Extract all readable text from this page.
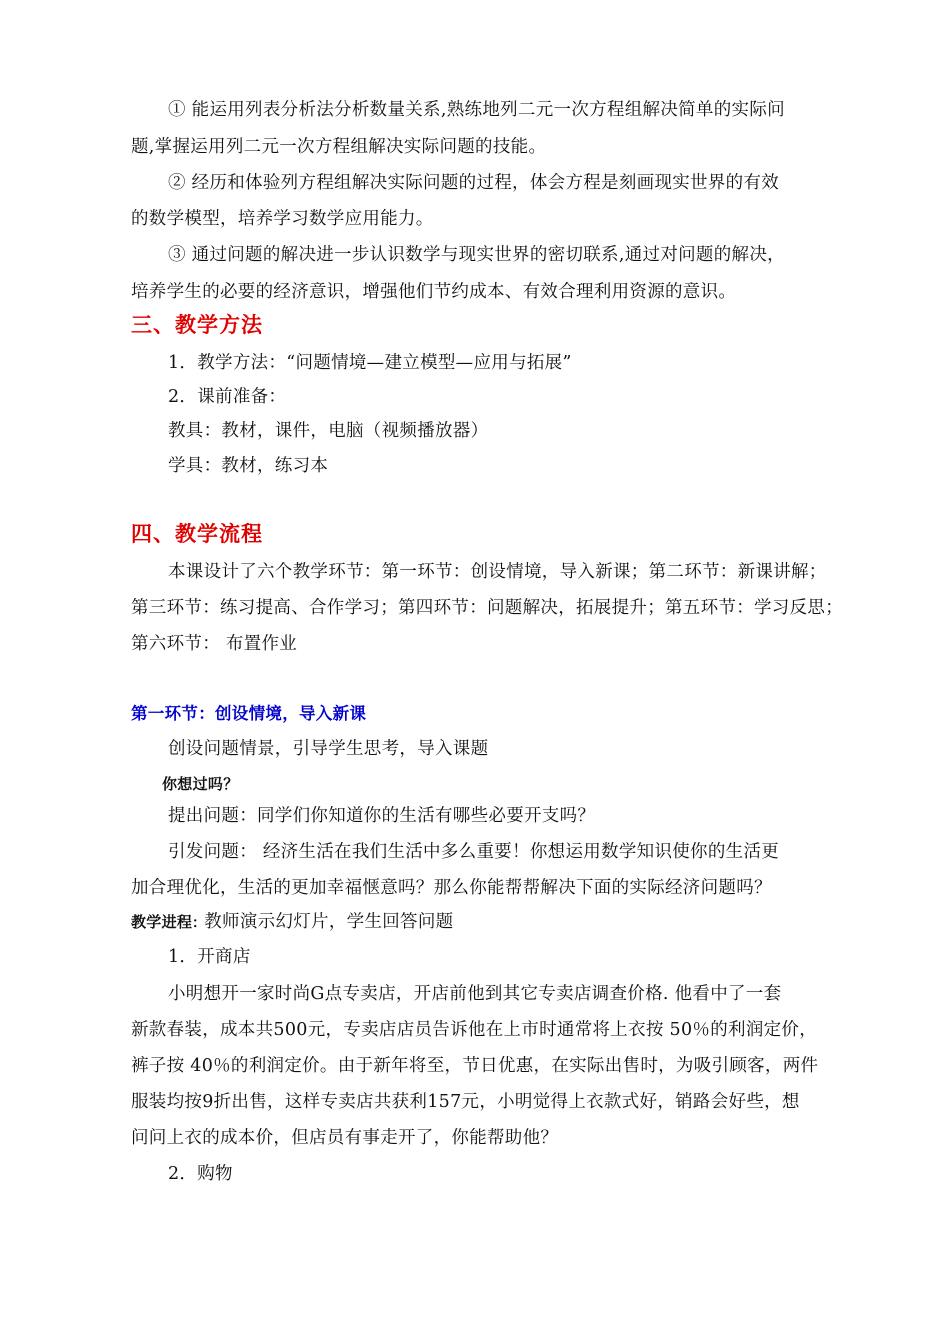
① 能运用列表分析法分析数量关系,熟练地列二元一次方程组解决简单的实际问
题,掌握运用列二元一次方程组解决实际问题的技能。
② 经历和体验列方程组解决实际问题的过程，体会方程是刻画现实世界的有效
的数学模型，培养学习数学应用能力。
③ 通过问题的解决进一步认识数学与现实世界的密切联系,通过对问题的解决，
培养学生的必要的经济意识，增强他们节约成本、有效合理利用资源的意识。
三、教学方法
1．教学方法：“问题情境—建立模型—应用与拓展”
2．课前准备：
教具：教材，课件，电脑（视频播放器）
学具：教材，练习本
四、教学流程
本课设计了六个教学环节：第一环节：创设情境，导入新课；第二环节：新课讲解；
第三环节：练习提高、合作学习；第四环节：问题解决，拓展提升；第五环节：学习反思；
第六环节： 布置作业
第一环节：创设情境，导入新课
创设问题情景，引导学生思考，导入课题
你想过吗？
提出问题：同学们你知道你的生活有哪些必要开支吗？
引发问题： 经济生活在我们生活中多么重要！你想运用数学知识使你的生活更
加合理优化，生活的更加幸福惬意吗？那么你能帮帮解决下面的实际经济问题吗？
教学进程: 教师演示幻灯片，学生回答问题
1．开商店
小明想开一家时尚G点专卖店，开店前他到其它专卖店调查价格. 他看中了一套
新款春装，成本共500元，专卖店店员告诉他在上市时通常将上衣按 50％的利润定价，
裤子按 40％的利润定价。由于新年将至，节日优惠，在实际出售时，为吸引顾客，两件
服装均按9折出售，这样专卖店共获利157元，小明觉得上衣款式好，销路会好些，想
问问上衣的成本价，但店员有事走开了，你能帮助他？
2．购物
